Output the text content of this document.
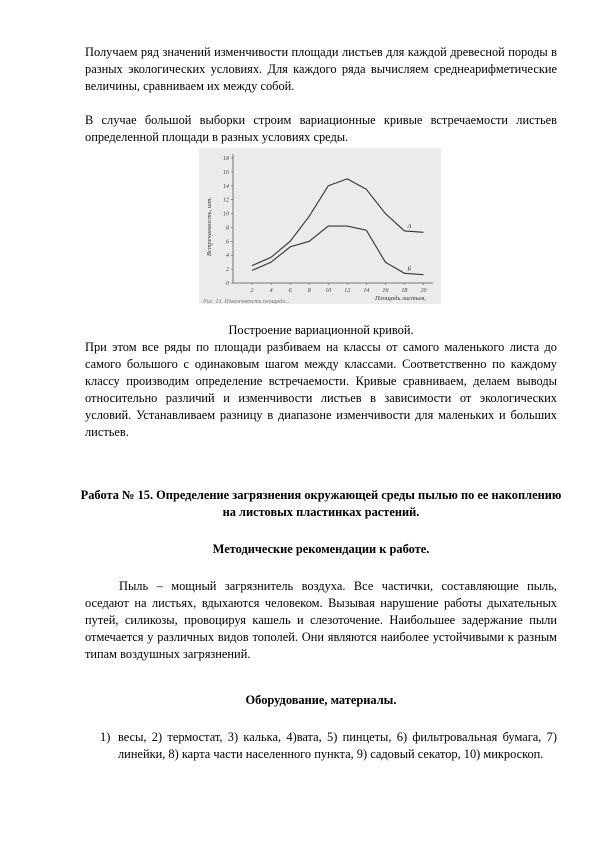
Получаем ряд значений изменчивости площади листьев для каждой древесной породы в разных экологических условиях. Для каждого ряда вычисляем среднеарифметические величины, сравниваем их между собой.

В случае большой выборки строим вариационные кривые встречаемости листьев определенной площади в разных условиях среды.

0
2
4
6
8
10
12
14
16
18
2	4	6	8 10 12 14 16 18 20
А
Б
Встречаемость, шт.
Площадь листьев,
Рис. 13. Изменчивость площади...

Построение вариационной кривой.

При этом все ряды по площади разбиваем на классы от самого маленького листа до самого большого с одинаковым шагом между классами. Соответственно по каждому классу производим определение встречаемости. Кривые сравниваем, делаем выводы относительно различий и изменчивости листьев в зависимости от экологических условий. Устанавливаем разницу в диапазоне изменчивости для маленьких и больших листьев.

Работа № 15. Определение загрязнения окружающей среды пылью по ее накоплению на листовых пластинках растений.

Методические рекомендации к работе.

Пыль – мощный загрязнитель воздуха. Все частички, составляющие пыль, оседают на листьях, вдыхаются человеком. Вызывая нарушение работы дыхательных путей, силикозы, провоцируя кашель и слезоточение. Наибольшее задержание пыли отмечается у различных видов тополей. Они являются наиболее устойчивыми к разным типам воздушных загрязнений.

Оборудование, материалы.

1) весы, 2) термостат, 3) калька, 4)вата, 5) пинцеты, 6) фильтровальная бумага, 7) линейки, 8) карта части населенного пункта, 9) садовый секатор, 10) микроскоп.
